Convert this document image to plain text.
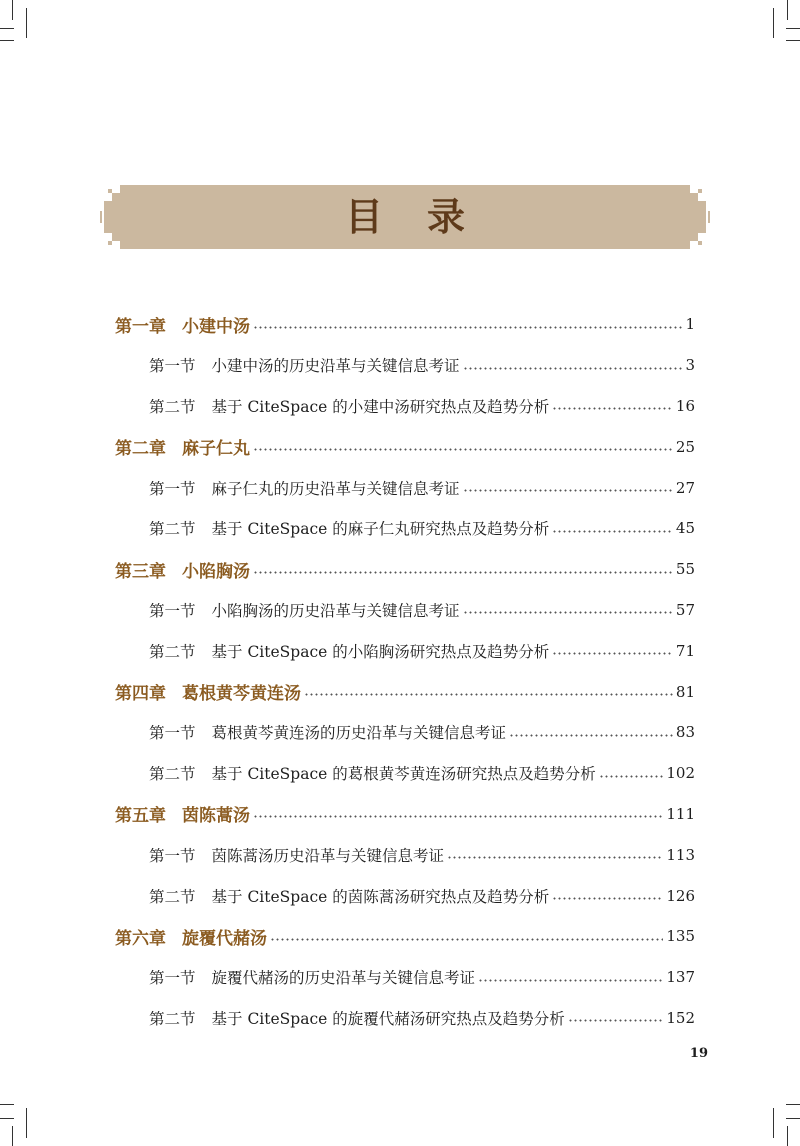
目录
第一章 小建中汤	1
第一节 小建中汤的历史沿革与关键信息考证	3
第二节 基于 CiteSpace 的小建中汤研究热点及趋势分析	16
第二章 麻子仁丸	25
第一节 麻子仁丸的历史沿革与关键信息考证	27
第二节 基于 CiteSpace 的麻子仁丸研究热点及趋势分析	45
第三章 小陷胸汤	55
第一节 小陷胸汤的历史沿革与关键信息考证	57
第二节 基于 CiteSpace 的小陷胸汤研究热点及趋势分析	71
第四章 葛根黄芩黄连汤	81
第一节 葛根黄芩黄连汤的历史沿革与关键信息考证	83
第二节 基于 CiteSpace 的葛根黄芩黄连汤研究热点及趋势分析	102
第五章 茵陈蒿汤	111
第一节 茵陈蒿汤历史沿革与关键信息考证	113
第二节 基于 CiteSpace 的茵陈蒿汤研究热点及趋势分析	126
第六章 旋覆代赭汤	135
第一节 旋覆代赭汤的历史沿革与关键信息考证	137
第二节 基于 CiteSpace 的旋覆代赭汤研究热点及趋势分析	152
19
